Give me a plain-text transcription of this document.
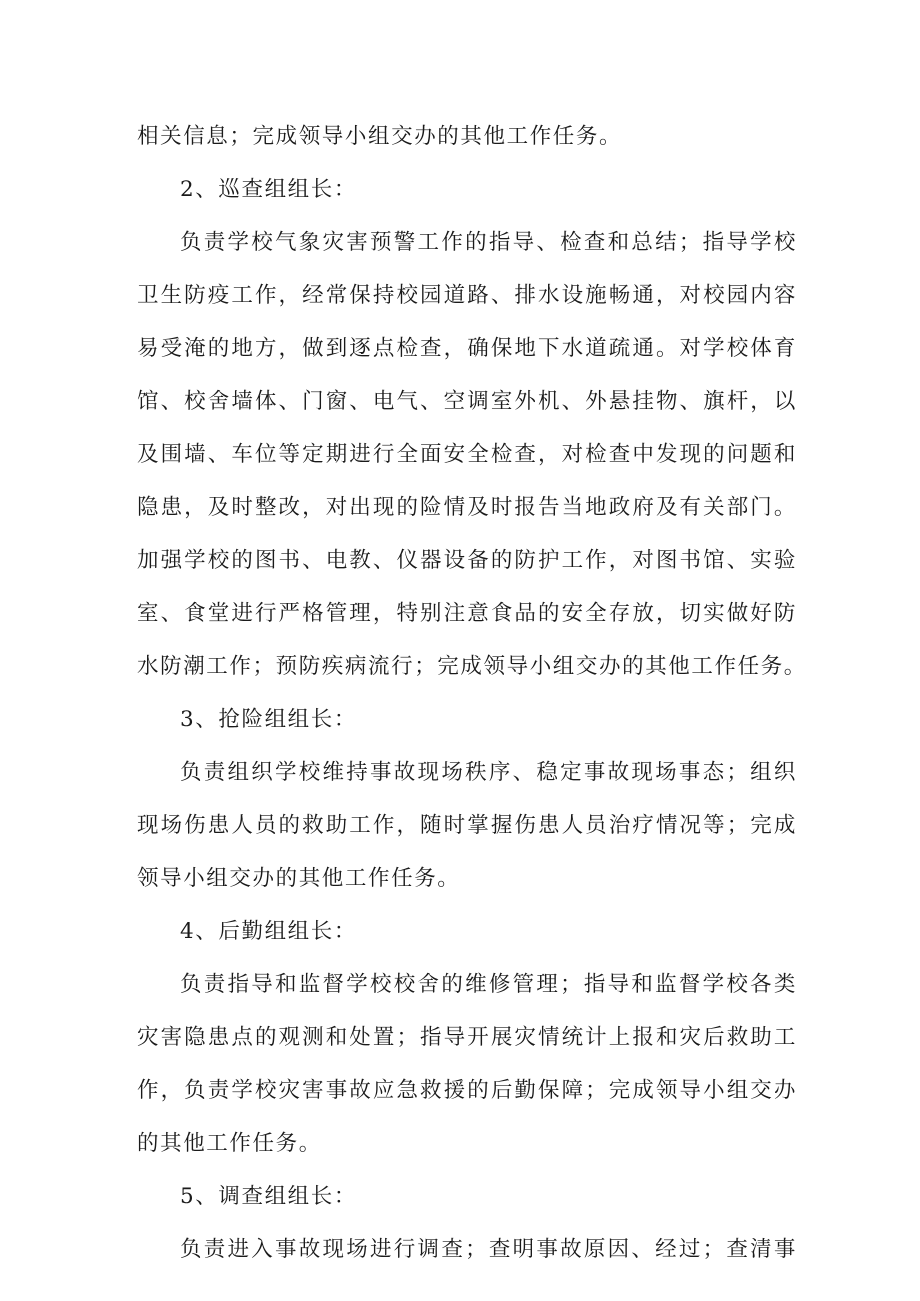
相关信息；完成领导小组交办的其他工作任务。
2、巡查组组长：
负责学校气象灾害预警工作的指导、检查和总结；指导学校
卫生防疫工作，经常保持校园道路、排水设施畅通，对校园内容
易受淹的地方，做到逐点检查，确保地下水道疏通。对学校体育
馆、校舍墙体、门窗、电气、空调室外机、外悬挂物、旗杆，以
及围墙、车位等定期进行全面安全检查，对检查中发现的问题和
隐患，及时整改，对出现的险情及时报告当地政府及有关部门。
加强学校的图书、电教、仪器设备的防护工作，对图书馆、实验
室、食堂进行严格管理，特别注意食品的安全存放，切实做好防
水防潮工作；预防疾病流行；完成领导小组交办的其他工作任务。
3、抢险组组长：
负责组织学校维持事故现场秩序、稳定事故现场事态；组织
现场伤患人员的救助工作，随时掌握伤患人员治疗情况等；完成
领导小组交办的其他工作任务。
4、后勤组组长：
负责指导和监督学校校舍的维修管理；指导和监督学校各类
灾害隐患点的观测和处置；指导开展灾情统计上报和灾后救助工
作，负责学校灾害事故应急救援的后勤保障；完成领导小组交办
的其他工作任务。
5、调查组组长：
负责进入事故现场进行调查；查明事故原因、经过；查清事
